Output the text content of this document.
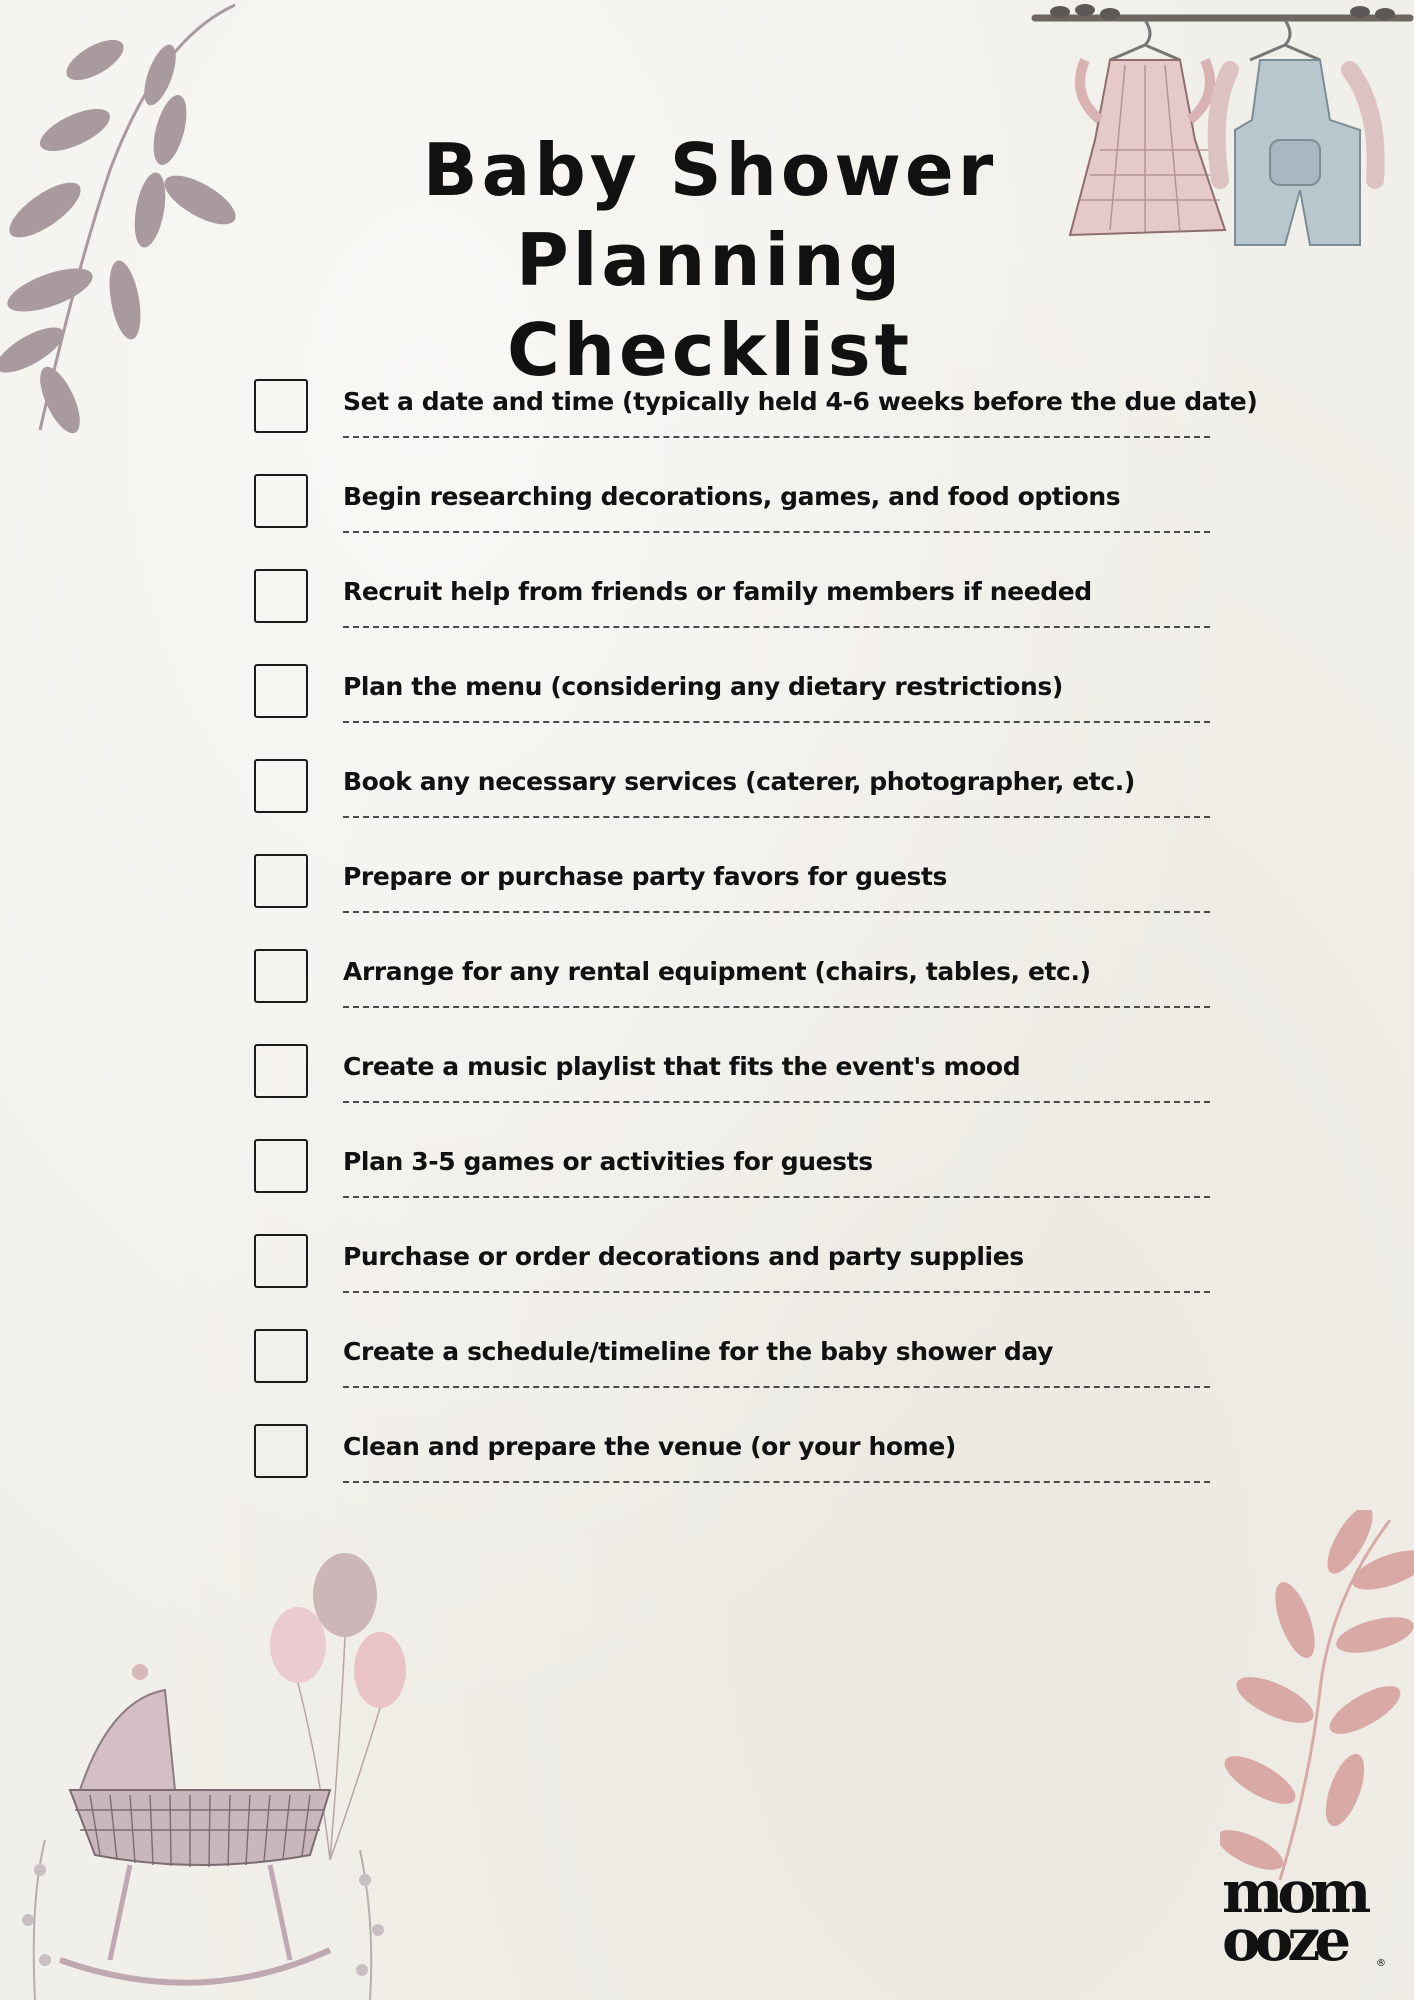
Baby Shower
Planning Checklist
Set a date and time (typically held 4-6 weeks before the due date)
Begin researching decorations, games, and food options
Recruit help from friends or family members if needed
Plan the menu (considering any dietary restrictions)
Book any necessary services (caterer, photographer, etc.)
Prepare or purchase party favors for guests
Arrange for any rental equipment (chairs, tables, etc.)
Create a music playlist that fits the event's mood
Plan 3-5 games or activities for guests
Purchase or order decorations and party supplies
Create a schedule/timeline for the baby shower day
Clean and prepare the venue (or your home)
mom
ooze	®
